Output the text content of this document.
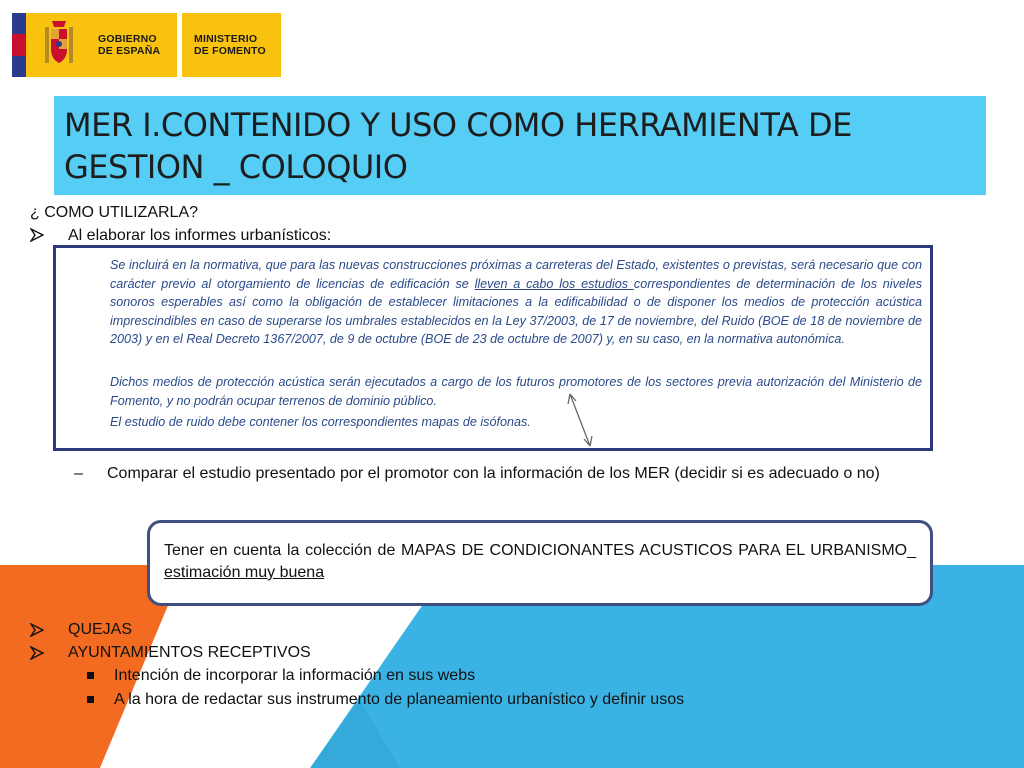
GOBIERNO
DE ESPAÑA
MINISTERIO
DE FOMENTO
MER I.CONTENIDO Y USO COMO HERRAMIENTA DE
GESTION _ COLOQUIO
¿ COMO UTILIZARLA?
Al elaborar los informes urbanísticos:

Se incluirá en la normativa, que para las nuevas construcciones próximas a carreteras del Estado, existentes o previstas, será necesario que con carácter previo al otorgamiento de licencias de edificación se lleven a cabo los estudios correspondientes de determinación de los niveles sonoros esperables así como la obligación de establecer limitaciones a la edificabilidad o de disponer los medios de protección acústica imprescindibles en caso de superarse los umbrales establecidos en la Ley 37/2003, de 17 de noviembre, del Ruido (BOE de 18 de noviembre de 2003) y en el Real Decreto 1367/2007, de 9 de octubre (BOE de 23 de octubre de 2007) y, en su caso, en la normativa autonómica.

Dichos medios de protección acústica serán ejecutados a cargo de los futuros promotores de los sectores previa autorización del Ministerio de Fomento, y no podrán ocupar terrenos de dominio público.

El estudio de ruido debe contener los correspondientes mapas de isófonas.

– Comparar el estudio presentado por el promotor con la información de los MER (decidir si es adecuado o no)

Tener en cuenta la colección de MAPAS DE CONDICIONANTES ACUSTICOS PARA EL URBANISMO_ estimación muy buena

QUEJAS
AYUNTAMIENTOS RECEPTIVOS
Intención de incorporar la información en sus webs
A la hora de redactar sus instrumento de planeamiento urbanístico y definir usos
